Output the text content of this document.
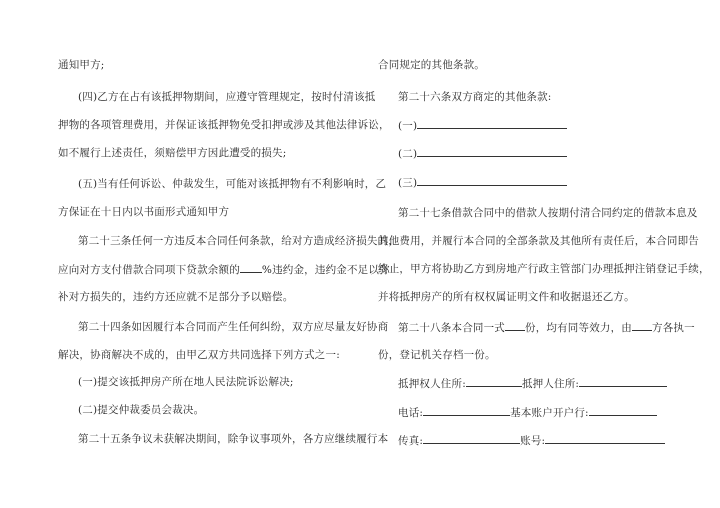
通知甲方;
(四)乙方在占有该抵押物期间，应遵守管理规定，按时付清该抵
押物的各项管理费用，并保证该抵押物免受扣押或涉及其他法律诉讼，
如不履行上述责任，须赔偿甲方因此遭受的损失;
(五)当有任何诉讼、仲裁发生，可能对该抵押物有不利影响时，乙
方保证在十日内以书面形式通知甲方
第二十三条任何一方违反本合同任何条款，给对方造成经济损失的，
应向对方支付借款合同项下贷款余额的 %违约金，违约金不足以弥
补对方损失的，违约方还应就不足部分予以赔偿。
第二十四条如因履行本合同而产生任何纠纷，双方应尽量友好协商
解决，协商解决不成的，由甲乙双方共同选择下列方式之一:
(一)提交该抵押房产所在地人民法院诉讼解决;
(二)提交仲裁委员会裁决。
第二十五条争议未获解决期间，除争议事项外，各方应继续履行本
合同规定的其他条款。
第二十六条双方商定的其他条款:
(一)
(二)
(三)
第二十七条借款合同中的借款人按期付清合同约定的借款本息及
其他费用，并履行本合同的全部条款及其他所有责任后，本合同即告
终止，甲方将协助乙方到房地产行政主管部门办理抵押注销登记手续，
并将抵押房产的所有权权属证明文件和收据退还乙方。
第二十八条本合同一式 份，均有同等效力，由 方各执一
份，登记机关存档一份。
抵押权人住所:	抵押人住所:
电话:	基本账户开户行:
传真:	账号:
